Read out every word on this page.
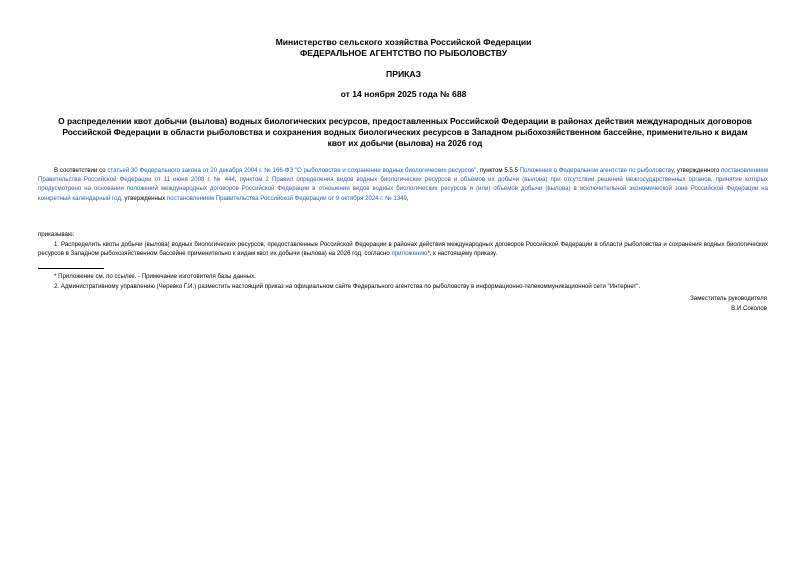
Министерство сельского хозяйства Российской Федерации
ФЕДЕРАЛЬНОЕ АГЕНТСТВО ПО РЫБОЛОВСТВУ
ПРИКАЗ
от 14 ноября 2025 года № 688
О распределении квот добычи (вылова) водных биологических ресурсов, предоставленных Российской Федерации в районах действия международных договоров Российской Федерации в области рыболовства и сохранения водных биологических ресурсов в Западном рыбохозяйственном бассейне, применительно к видам квот их добычи (вылова) на 2026 год
В соответствии со статьей 30 Федерального закона от 20 декабря 2004 г. № 166-ФЗ "О рыболовстве и сохранении водных биологических ресурсов", пунктом 5.5.5 Положения о Федеральном агентстве по рыболовству, утвержденного постановлением Правительства Российской Федерации от 11 июня 2008 г. № 444, пунктом 2 Правил определения видов водных биологических ресурсов и объёмов их добычи (вылова) при отсутствии решений межгосударственных органов, принятие которых предусмотрено на основании положений международных договоров Российской Федерации в отношении видов водных биологических ресурсов и (или) объёмов добычи (вылова) в исключительной экономической зоне Российской Федерации на конкретный календарный год, утвержденных постановлением Правительства Российской Федерации от 9 октября 2024 г. № 1349,
приказываю:
1. Распределить квоты добычи (вылова) водных биологических ресурсов, предоставленные Российской Федерации в районах действия международных договоров Российской Федерации в области рыболовства и сохранения водных биологических ресурсов в Западном рыбохозяйственном бассейне применительно к видам квот их добычи (вылова) на 2026 год, согласно приложению*, к настоящему приказу.
* Приложение см. по ссылке. - Примечание изготовителя базы данных.
2. Административному управлению (Черевко Г.И.) разместить настоящий приказ на официальном сайте Федерального агентства по рыболовству в информационно-телекоммуникационной сети "Интернет".
Заместитель руководителя
В.И.Соколов
